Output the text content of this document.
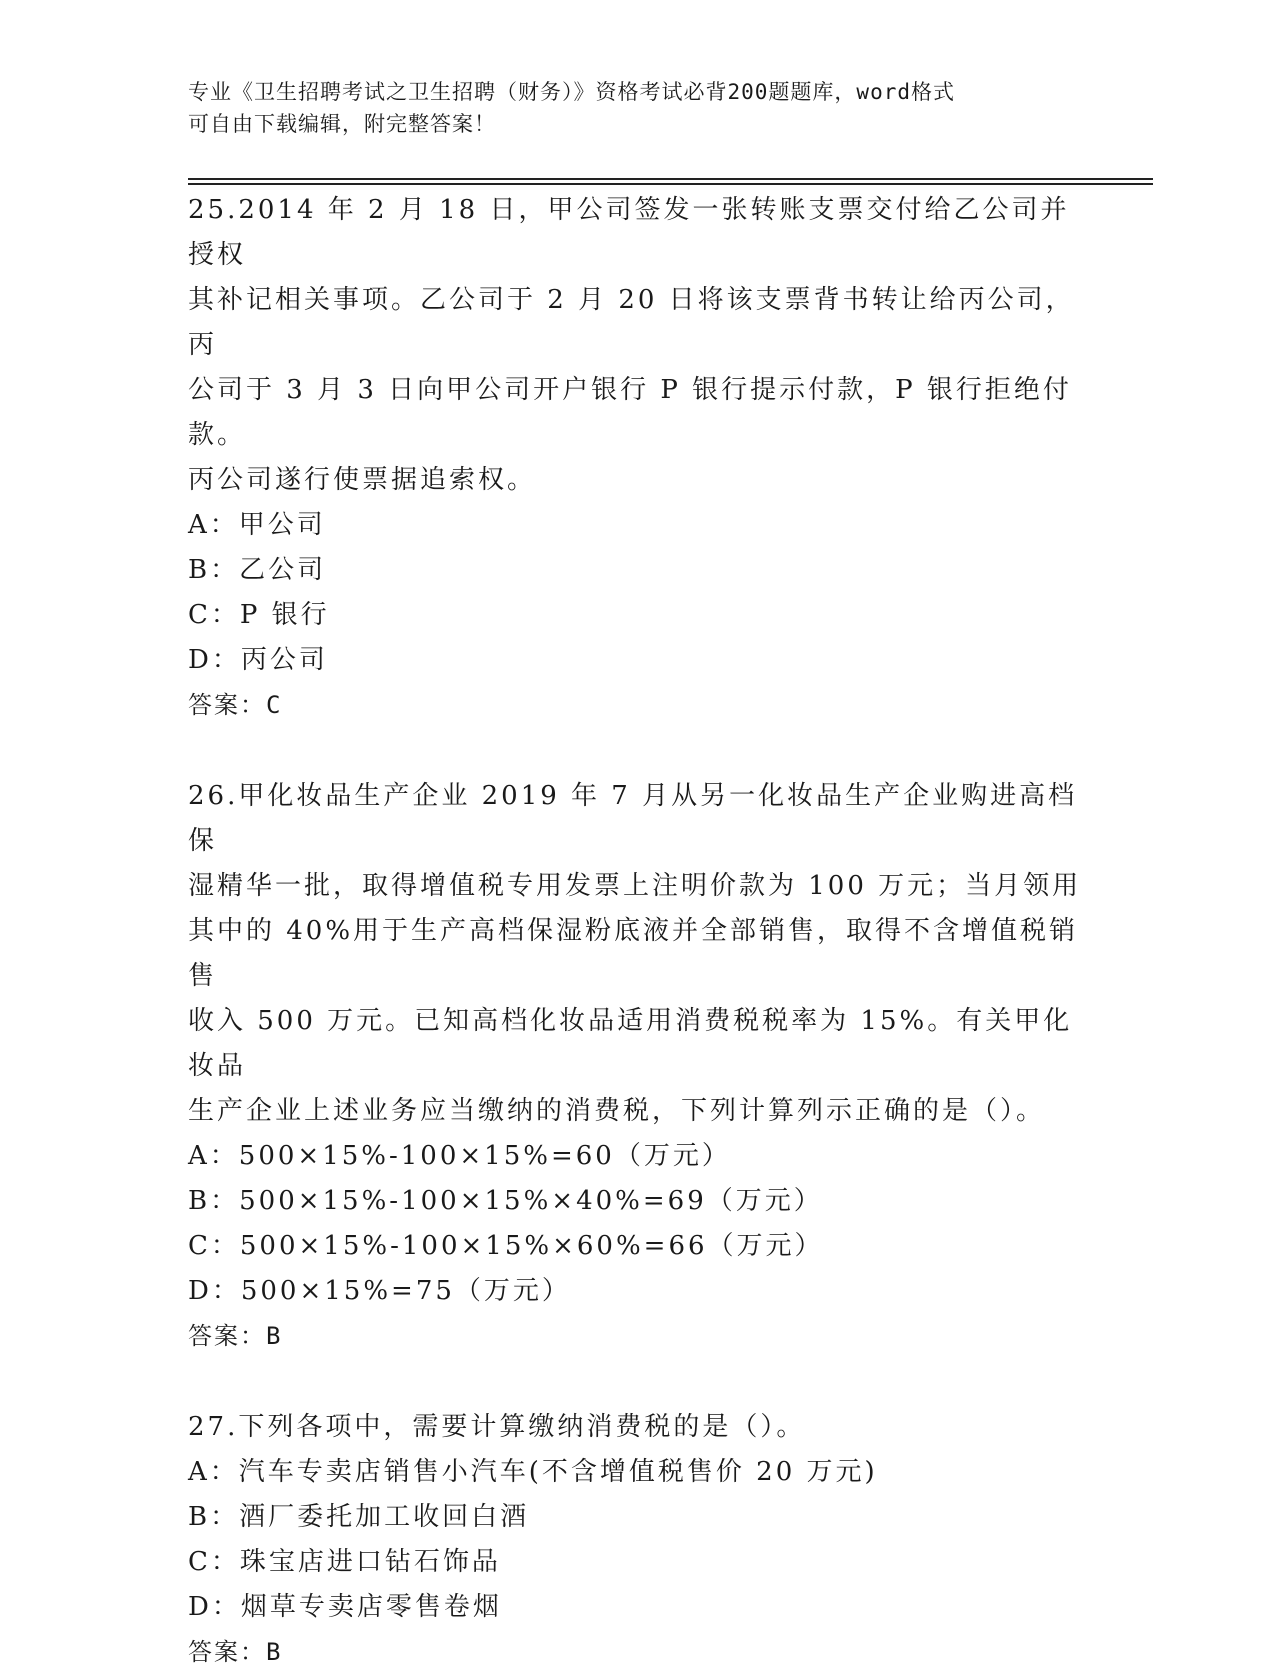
专业《卫生招聘考试之卫生招聘（财务）》资格考试必背200题题库，word格式
可自由下载编辑，附完整答案！

25.2014 年 2 月 18 日，甲公司签发一张转账支票交付给乙公司并授权

其补记相关事项。乙公司于 2 月 20 日将该支票背书转让给丙公司，丙

公司于 3 月 3 日向甲公司开户银行 P 银行提示付款，P 银行拒绝付款。

丙公司遂行使票据追索权。

A：甲公司

B：乙公司

C：P 银行

D：丙公司

答案：C

26.甲化妆品生产企业 2019 年 7 月从另一化妆品生产企业购进高档保

湿精华一批，取得增值税专用发票上注明价款为 100 万元；当月领用

其中的 40%用于生产高档保湿粉底液并全部销售，取得不含增值税销售

收入 500 万元。已知高档化妆品适用消费税税率为 15%。有关甲化妆品

生产企业上述业务应当缴纳的消费税，下列计算列示正确的是（）。

A：500×15%-100×15%=60（万元）

B：500×15%-100×15%×40%=69（万元）

C：500×15%-100×15%×60%=66（万元）

D：500×15%=75（万元）

答案：B

27.下列各项中，需要计算缴纳消费税的是（）。

A：汽车专卖店销售小汽车(不含增值税售价 20 万元)

B：酒厂委托加工收回白酒

C：珠宝店进口钻石饰品

D：烟草专卖店零售卷烟

答案：B
